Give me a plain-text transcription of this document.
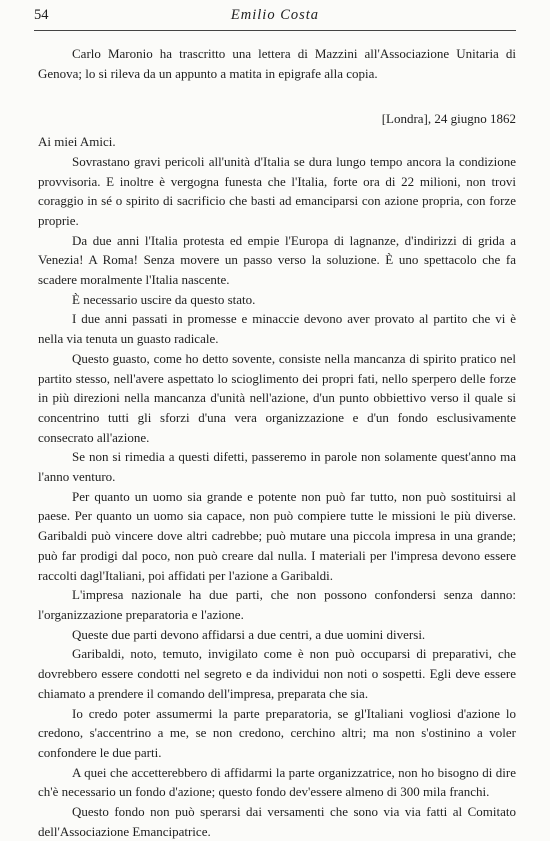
54	Emilio Costa

Carlo Maronio ha trascritto una lettera di Mazzini all'Associazione Unitaria di Genova; lo si rileva da un appunto a matita in epigrafe alla copia.

[Londra], 24 giugno 1862

Ai miei Amici.

Sovrastano gravi pericoli all'unità d'Italia se dura lungo tempo ancora la condizione provvisoria. E inoltre è vergogna funesta che l'Italia, forte ora di 22 milioni, non trovi coraggio in sé o spirito di sacrificio che basti ad emanciparsi con azione propria, con forze proprie.

Da due anni l'Italia protesta ed empie l'Europa di lagnanze, d'indirizzi di grida a Venezia! A Roma! Senza movere un passo verso la soluzione. È uno spettacolo che fa scadere moralmente l'Italia nascente.

È necessario uscire da questo stato.

I due anni passati in promesse e minaccie devono aver provato al partito che vi è nella via tenuta un guasto radicale.

Questo guasto, come ho detto sovente, consiste nella mancanza di spirito pratico nel partito stesso, nell'avere aspettato lo scioglimento dei propri fati, nello sperpero delle forze in più direzioni nella mancanza d'unità nell'azione, d'un punto obbiettivo verso il quale si concentrino tutti gli sforzi d'una vera organizzazione e d'un fondo esclusivamente consecrato all'azione.

Se non si rimedia a questi difetti, passeremo in parole non solamente quest'anno ma l'anno venturo.

Per quanto un uomo sia grande e potente non può far tutto, non può sostituirsi al paese. Per quanto un uomo sia capace, non può compiere tutte le missioni le più diverse. Garibaldi può vincere dove altri cadrebbe; può mutare una piccola impresa in una grande; può far prodigi dal poco, non può creare dal nulla. I materiali per l'impresa devono essere raccolti dagl'Italiani, poi affidati per l'azione a Garibaldi.

L'impresa nazionale ha due parti, che non possono confondersi senza danno: l'organizzazione preparatoria e l'azione.

Queste due parti devono affidarsi a due centri, a due uomini diversi.

Garibaldi, noto, temuto, invigilato come è non può occuparsi di preparativi, che dovrebbero essere condotti nel segreto e da individui non noti o sospetti. Egli deve essere chiamato a prendere il comando dell'impresa, preparata che sia.

Io credo poter assumermi la parte preparatoria, se gl'Italiani vogliosi d'azione lo credono, s'accentrino a me, se non credono, cerchino altri; ma non s'ostinino a voler confondere le due parti.

A quei che accetterebbero di affidarmi la parte organizzatrice, non ho bisogno di dire ch'è necessario un fondo d'azione; questo fondo dev'essere almeno di 300 mila franchi.

Questo fondo non può sperarsi dai versamenti che sono via via fatti al Comitato dell'Associazione Emancipatrice.
